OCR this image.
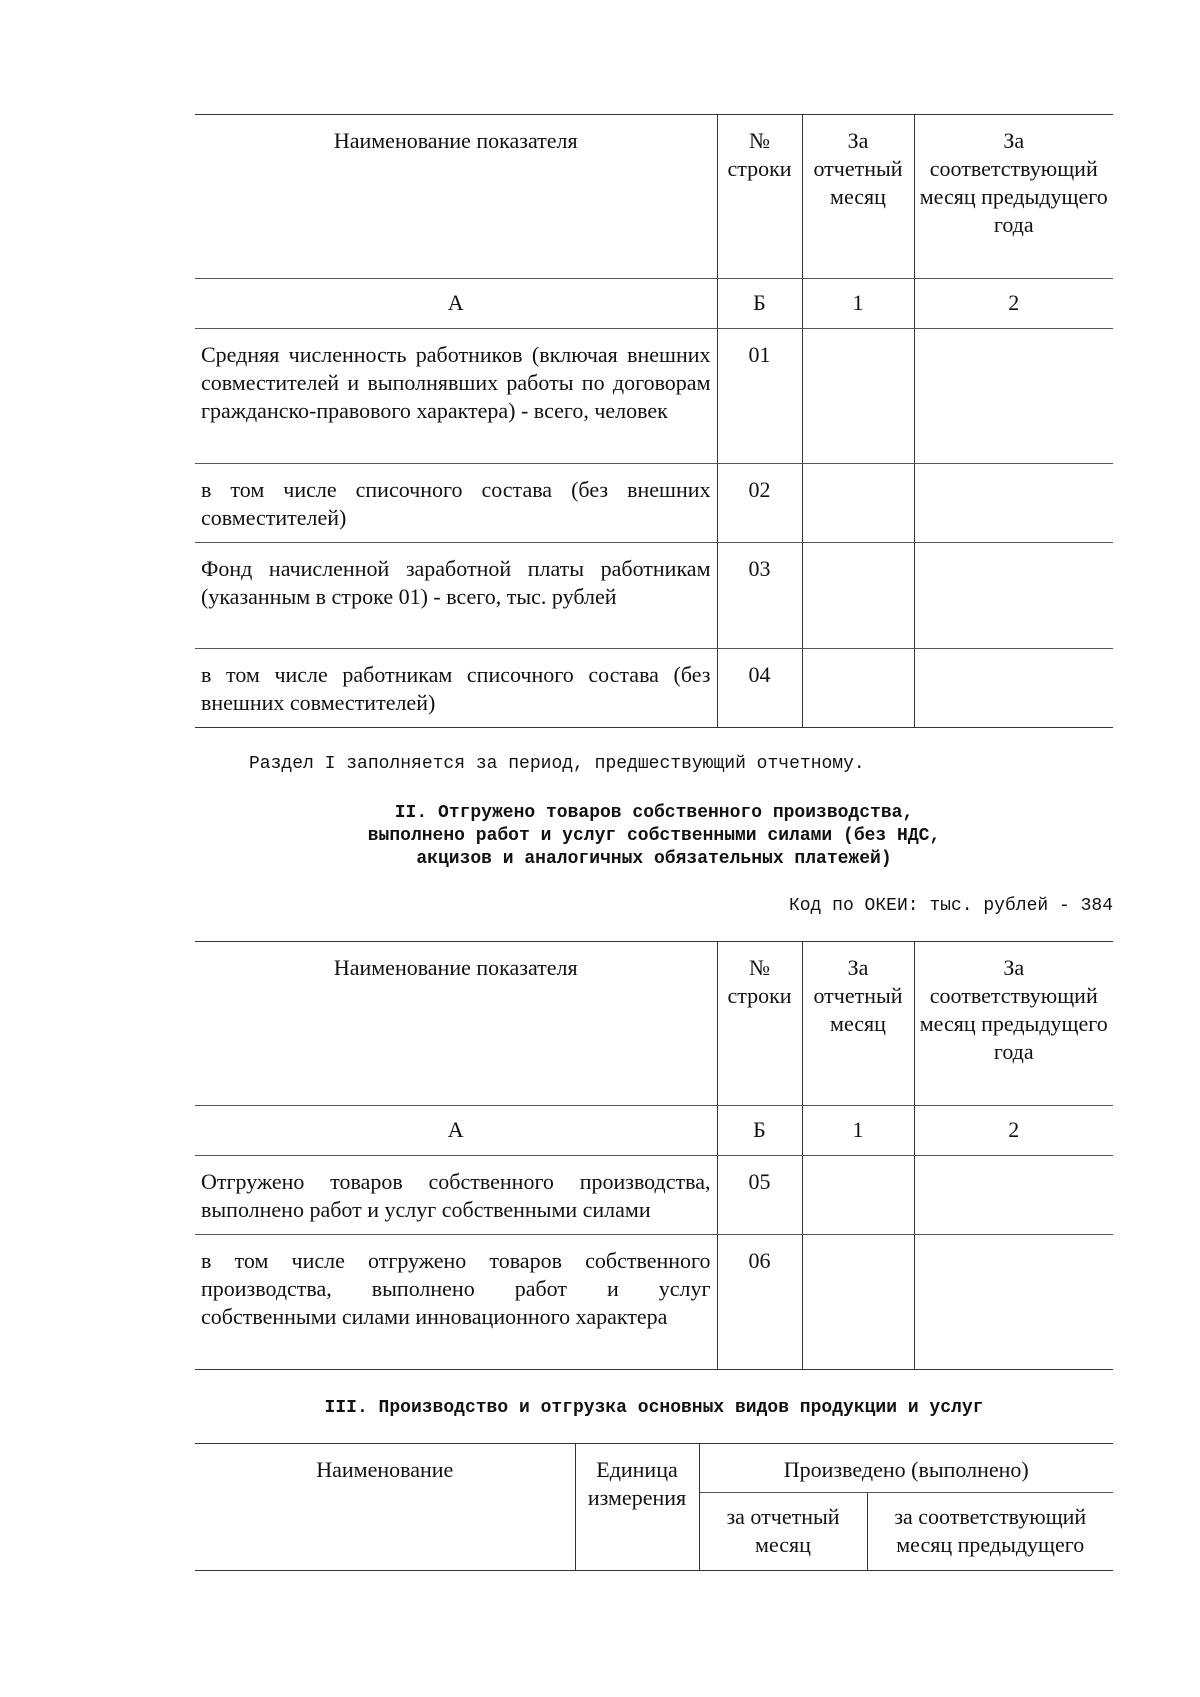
Наименование показателя	№ строки	За отчетный месяц	За соответствующий месяц предыдущего года
А	Б	1	2
Средняя численность работников (включая внешних совместителей и выполнявших работы по договорам гражданско-правового характера) - всего, человек	01		
в том числе списочного состава (без внешних совместителей)	02		
Фонд начисленной заработной платы работникам (указанным в строке 01) - всего, тыс. рублей	03		
в том числе работникам списочного состава (без внешних совместителей)	04		
Раздел I заполняется за период, предшествующий отчетному.
II. Отгружено товаров собственного производства,
выполнено работ и услуг собственными силами (без НДС,
акцизов и аналогичных обязательных платежей)
Код по ОКЕИ: тыс. рублей - 384
Наименование показателя	№ строки	За отчетный месяц	За соответствующий месяц предыдущего года
А	Б	1	2
Отгружено товаров собственного производства, выполнено работ и услуг собственными силами	05		
в том числе отгружено товаров собственного производства, выполнено работ и услуг собственными силами инновационного характера	06		
III. Производство и отгрузка основных видов продукции и услуг
Наименование	Единица измерения	Произведено (выполнено)	
		за отчетный месяц	за соответствующий месяц предыдущего
